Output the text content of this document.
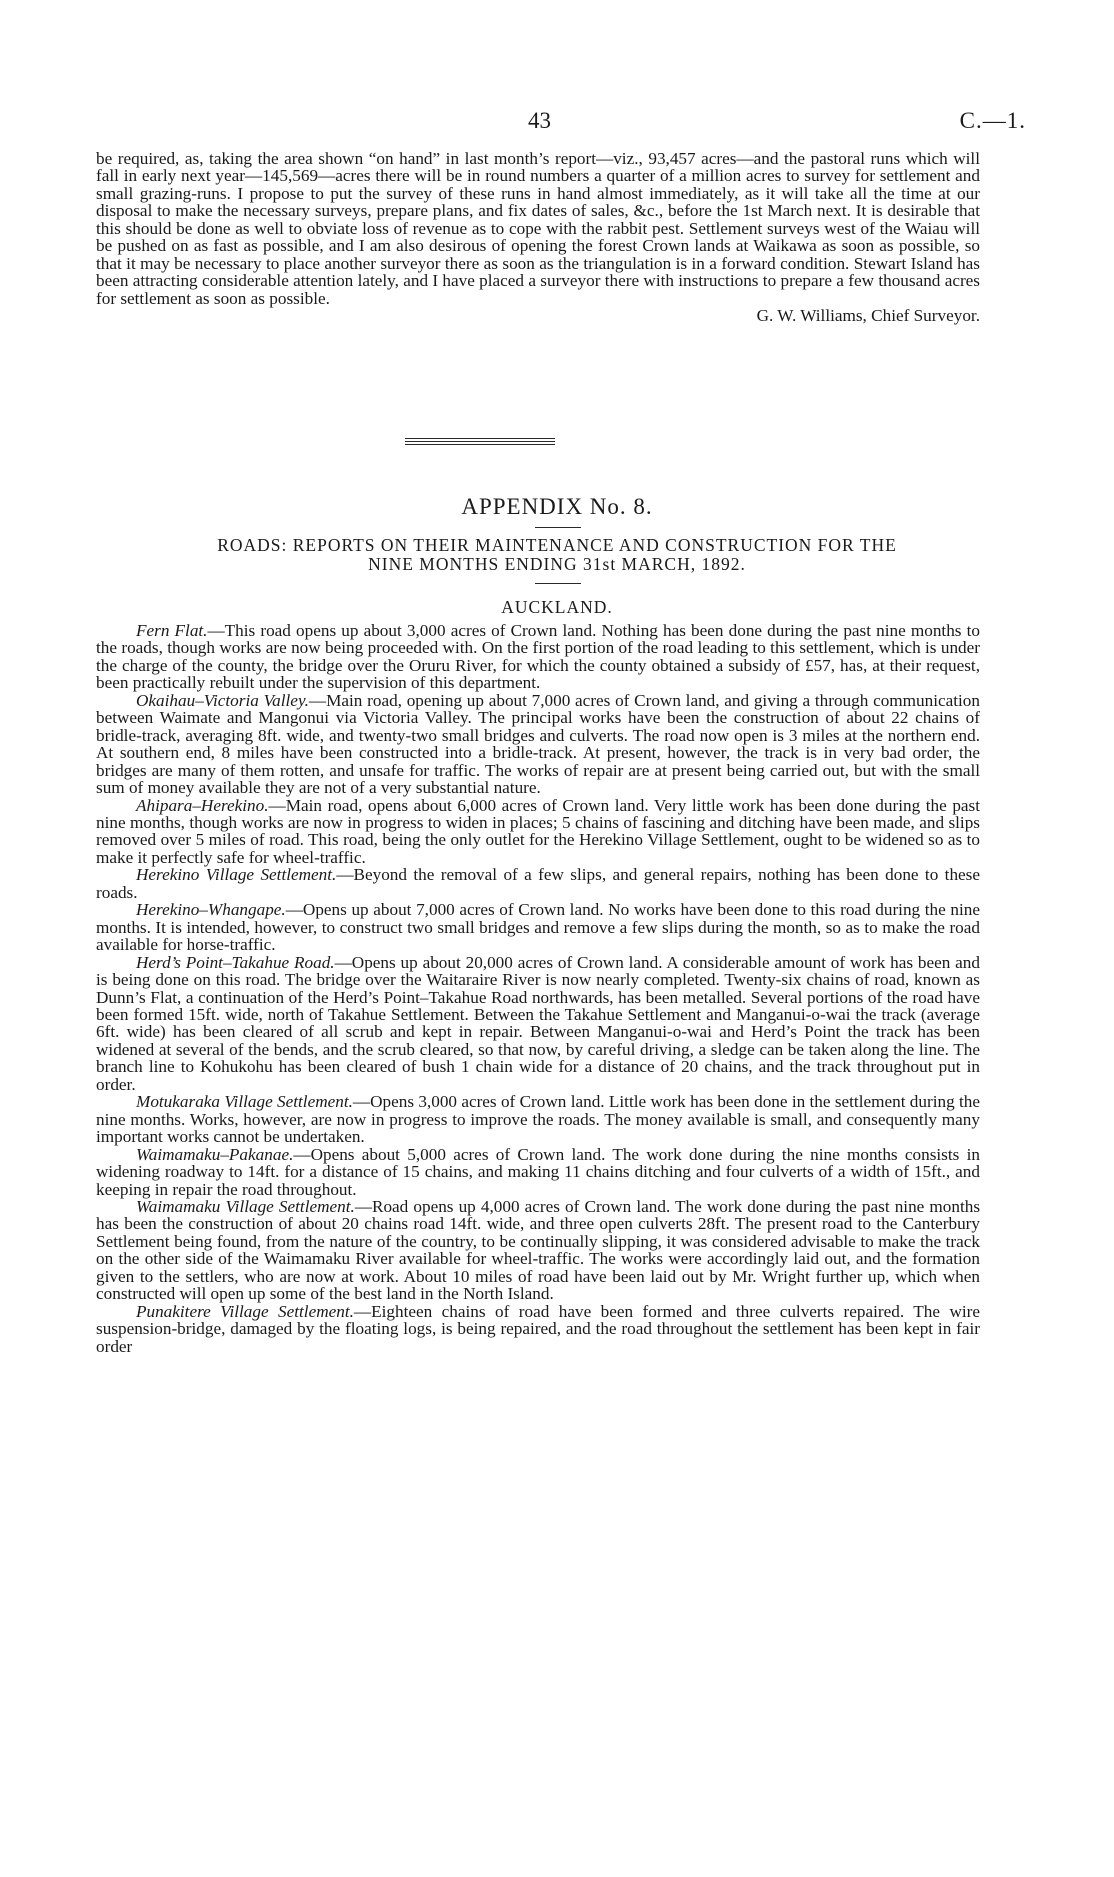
43	C.—1.

be required, as, taking the area shown “on hand” in last month’s report—viz., 93,457 acres—and the pastoral runs which will fall in early next year—145,569—acres there will be in round numbers a quarter of a million acres to survey for settlement and small grazing-runs. I propose to put the survey of these runs in hand almost immediately, as it will take all the time at our disposal to make the necessary surveys, prepare plans, and fix dates of sales, &c., before the 1st March next. It is desirable that this should be done as well to obviate loss of revenue as to cope with the rabbit pest. Settlement surveys west of the Waiau will be pushed on as fast as possible, and I am also desirous of opening the forest Crown lands at Waikawa as soon as possible, so that it may be necessary to place another surveyor there as soon as the triangulation is in a forward condition. Stewart Island has been attracting considerable attention lately, and I have placed a surveyor there with instructions to prepare a few thousand acres for settlement as soon as possible.

G. W. Williams, Chief Surveyor.

APPENDIX No. 8.
ROADS: REPORTS ON THEIR MAINTENANCE AND CONSTRUCTION FOR THE
NINE MONTHS ENDING 31st MARCH, 1892.
AUCKLAND.

Fern Flat.—This road opens up about 3,000 acres of Crown land. Nothing has been done during the past nine months to the roads, though works are now being proceeded with. On the first portion of the road leading to this settlement, which is under the charge of the county, the bridge over the Oruru River, for which the county obtained a subsidy of £57, has, at their request, been practically rebuilt under the supervision of this department.

Okaihau–Victoria Valley.—Main road, opening up about 7,000 acres of Crown land, and giving a through communication between Waimate and Mangonui via Victoria Valley. The principal works have been the construction of about 22 chains of bridle-track, averaging 8ft. wide, and twenty-two small bridges and culverts. The road now open is 3 miles at the northern end. At southern end, 8 miles have been constructed into a bridle-track. At present, however, the track is in very bad order, the bridges are many of them rotten, and unsafe for traffic. The works of repair are at present being carried out, but with the small sum of money available they are not of a very substantial nature.

Ahipara–Herekino.—Main road, opens about 6,000 acres of Crown land. Very little work has been done during the past nine months, though works are now in progress to widen in places; 5 chains of fascining and ditching have been made, and slips removed over 5 miles of road. This road, being the only outlet for the Herekino Village Settlement, ought to be widened so as to make it perfectly safe for wheel-traffic.

Herekino Village Settlement.—Beyond the removal of a few slips, and general repairs, nothing has been done to these roads.

Herekino–Whangape.—Opens up about 7,000 acres of Crown land. No works have been done to this road during the nine months. It is intended, however, to construct two small bridges and remove a few slips during the month, so as to make the road available for horse-traffic.

Herd’s Point–Takahue Road.—Opens up about 20,000 acres of Crown land. A considerable amount of work has been and is being done on this road. The bridge over the Waitaraire River is now nearly completed. Twenty-six chains of road, known as Dunn’s Flat, a continuation of the Herd’s Point–Takahue Road northwards, has been metalled. Several portions of the road have been formed 15ft. wide, north of Takahue Settlement. Between the Takahue Settlement and Manganui-o-wai the track (average 6ft. wide) has been cleared of all scrub and kept in repair. Between Manganui-o-wai and Herd’s Point the track has been widened at several of the bends, and the scrub cleared, so that now, by careful driving, a sledge can be taken along the line. The branch line to Kohukohu has been cleared of bush 1 chain wide for a distance of 20 chains, and the track throughout put in order.

Motukaraka Village Settlement.—Opens 3,000 acres of Crown land. Little work has been done in the settlement during the nine months. Works, however, are now in progress to improve the roads. The money available is small, and consequently many important works cannot be undertaken.

Waimamaku–Pakanae.—Opens about 5,000 acres of Crown land. The work done during the nine months consists in widening roadway to 14ft. for a distance of 15 chains, and making 11 chains ditching and four culverts of a width of 15ft., and keeping in repair the road throughout.

Waimamaku Village Settlement.—Road opens up 4,000 acres of Crown land. The work done during the past nine months has been the construction of about 20 chains road 14ft. wide, and three open culverts 28ft. The present road to the Canterbury Settlement being found, from the nature of the country, to be continually slipping, it was considered advisable to make the track on the other side of the Waimamaku River available for wheel-traffic. The works were accordingly laid out, and the formation given to the settlers, who are now at work. About 10 miles of road have been laid out by Mr. Wright further up, which when constructed will open up some of the best land in the North Island.

Punakitere Village Settlement.—Eighteen chains of road have been formed and three culverts repaired. The wire suspension-bridge, damaged by the floating logs, is being repaired, and the road throughout the settlement has been kept in fair order
